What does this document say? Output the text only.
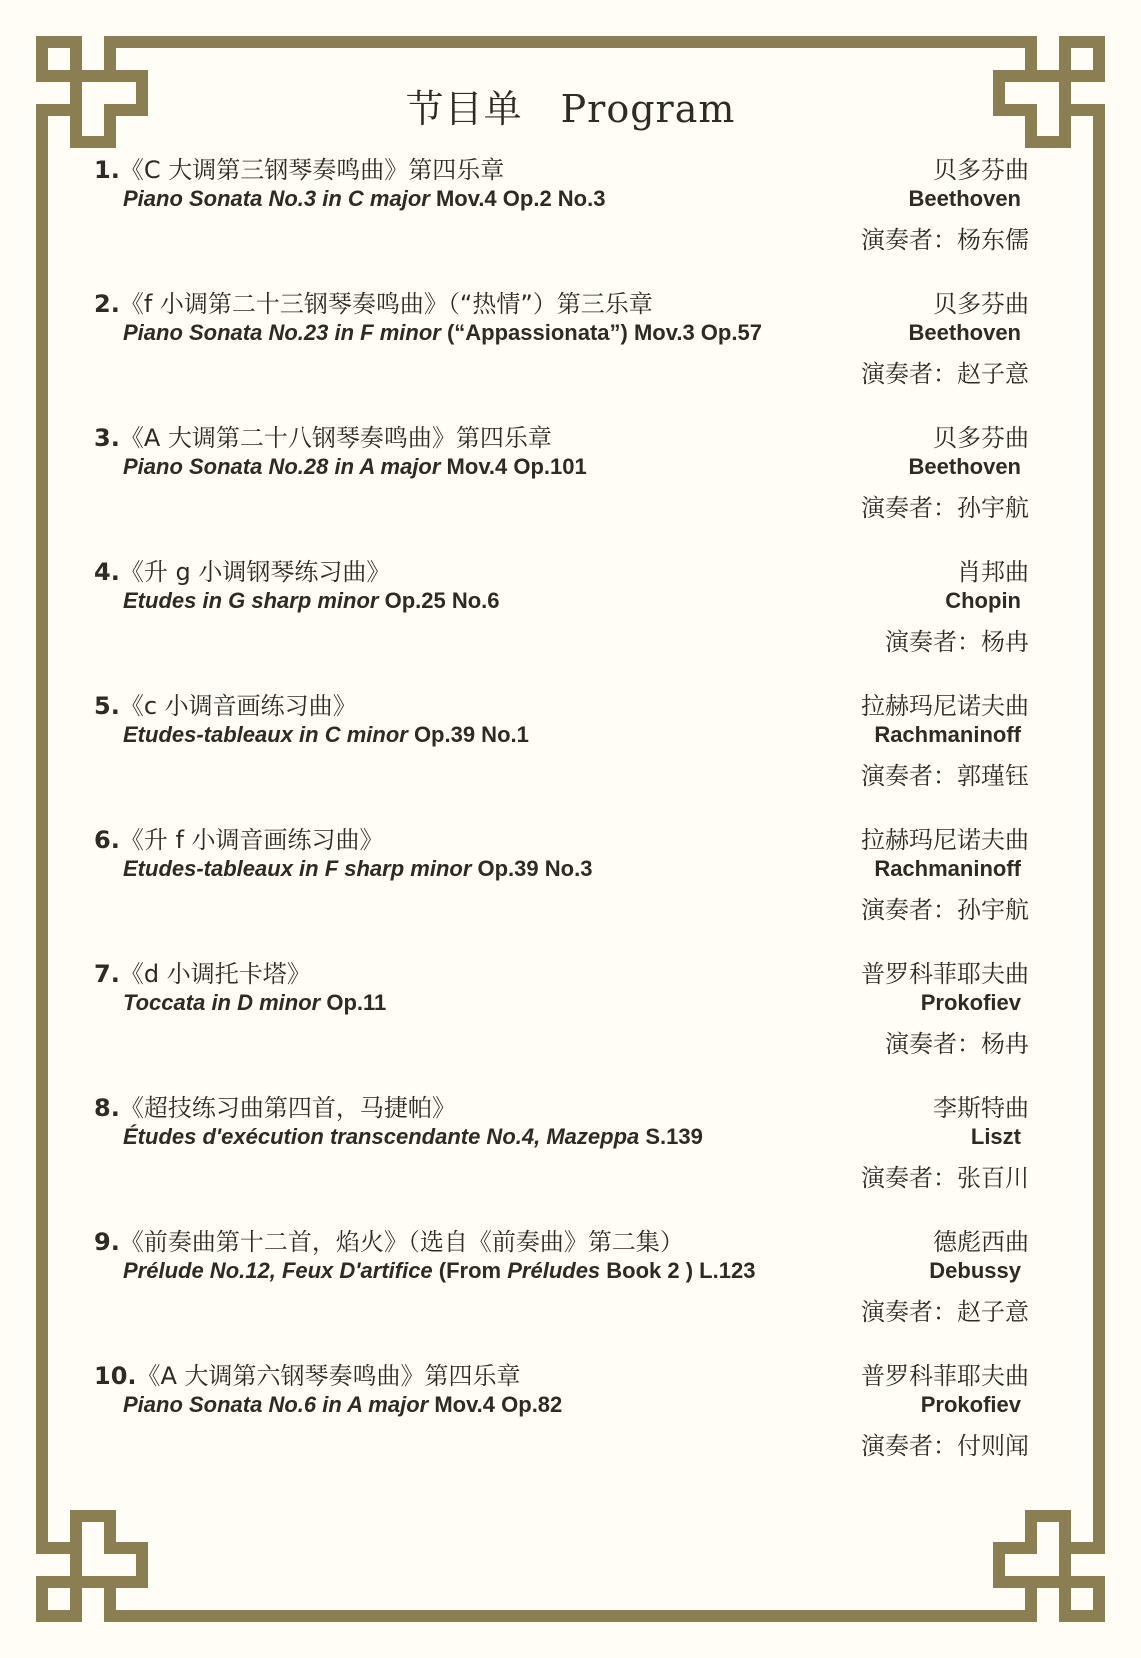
节目单 Program
1.《C 大调第三钢琴奏鸣曲》第四乐章
Piano Sonata No.3 in C major Mov.4 Op.2 No.3
贝多芬曲
Beethoven
演奏者：杨东儒
2.《f 小调第二十三钢琴奏鸣曲》（“热情”）第三乐章
Piano Sonata No.23 in F minor (“Appassionata”) Mov.3 Op.57
贝多芬曲
Beethoven
演奏者：赵子意
3.《A 大调第二十八钢琴奏鸣曲》第四乐章
Piano Sonata No.28 in A major Mov.4 Op.101
贝多芬曲
Beethoven
演奏者：孙宇航
4.《升 g 小调钢琴练习曲》
Etudes in G sharp minor Op.25 No.6
肖邦曲
Chopin
演奏者：杨冉
5.《c 小调音画练习曲》
Etudes-tableaux in C minor Op.39 No.1
拉赫玛尼诺夫曲
Rachmaninoff
演奏者：郭瑾钰
6.《升 f 小调音画练习曲》
Etudes-tableaux in F sharp minor Op.39 No.3
拉赫玛尼诺夫曲
Rachmaninoff
演奏者：孙宇航
7.《d 小调托卡塔》
Toccata in D minor Op.11
普罗科菲耶夫曲
Prokofiev
演奏者：杨冉
8.《超技练习曲第四首，马捷帕》
Études d'exécution transcendante No.4, Mazeppa S.139
李斯特曲
Liszt
演奏者：张百川
9.《前奏曲第十二首，焰火》（选自《前奏曲》第二集）
Prélude No.12, Feux D'artifice (From Préludes Book 2 ) L.123
德彪西曲
Debussy
演奏者：赵子意
10.《A 大调第六钢琴奏鸣曲》第四乐章
Piano Sonata No.6 in A major Mov.4 Op.82
普罗科菲耶夫曲
Prokofiev
演奏者：付则闻
